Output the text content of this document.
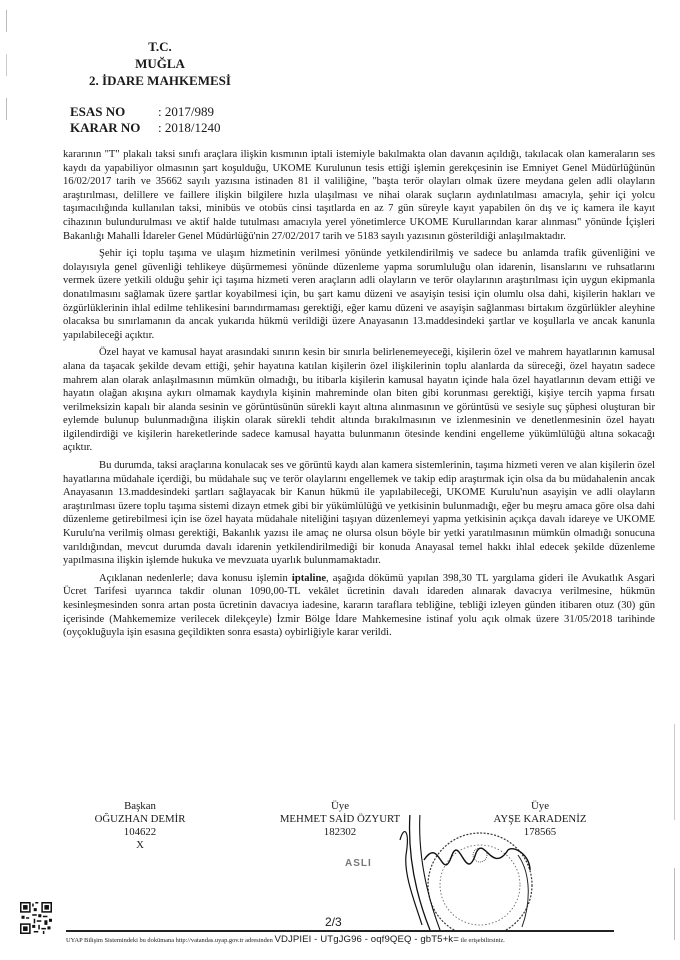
T.C.
MUĞLA
2. İDARE MAHKEMESİ
ESAS NO	: 2017/989
KARAR NO	: 2018/1240

kararının "T" plakalı taksi sınıfı araçlara ilişkin kısmının iptali istemiyle bakılmakta olan davanın açıldığı, takılacak olan kameraların ses kaydı da yapabiliyor olmasının şart koşulduğu, UKOME Kurulunun tesis ettiği işlemin gerekçesinin ise Emniyet Genel Müdürlüğünün 16/02/2017 tarih ve 35662 sayılı yazısına istinaden 81 il valiliğine, "başta terör olayları olmak üzere meydana gelen adli olayların araştırılması, delillere ve faillere ilişkin bilgilere hızla ulaşılması ve nihai olarak suçların aydınlatılması amacıyla, şehir içi yolcu taşımacılığında kullanılan taksi, minibüs ve otobüs cinsi taşıtlarda en az 7 gün süreyle kayıt yapabilen ön dış ve iç kamera ile kayıt cihazının bulundurulması ve aktif halde tutulması amacıyla yerel yönetimlerce UKOME Kurullarından karar alınması" yönünde İçişleri Bakanlığı Mahalli İdareler Genel Müdürlüğü'nin 27/02/2017 tarih ve 5183 sayılı yazısının gösterildiği anlaşılmaktadır.

Şehir içi toplu taşıma ve ulaşım hizmetinin verilmesi yönünde yetkilendirilmiş ve sadece bu anlamda trafik güvenliğini ve dolayısıyla genel güvenliği tehlikeye düşürmemesi yönünde düzenleme yapma sorumluluğu olan idarenin, lisanslarını ve ruhsatlarını vermek üzere yetkili olduğu şehir içi taşıma hizmeti veren araçların adli olayların ve terör olaylarının araştırılması için uygun ekipmanla donatılmasını sağlamak üzere şartlar koyabilmesi için, bu şart kamu düzeni ve asayişin tesisi için olumlu olsa dahi, kişilerin hakları ve özgürlüklerinin ihlal edilme tehlikesini barındırmaması gerektiği, eğer kamu düzeni ve asayişin sağlanması birtakım özgürlükler aleyhine olacaksa bu sınırlamanın da ancak yukarıda hükmü verildiği üzere Anayasanın 13.maddesindeki şartlar ve koşullarla ve ancak kanunla yapılabileceği açıktır.

Özel hayat ve kamusal hayat arasındaki sınırın kesin bir sınırla belirlenemeyeceği, kişilerin özel ve mahrem hayatlarının kamusal alana da taşacak şekilde devam ettiği, şehir hayatına katılan kişilerin özel ilişkilerinin toplu alanlarda da süreceği, özel hayatın sadece mahrem alan olarak anlaşılmasının mümkün olmadığı, bu itibarla kişilerin kamusal hayatın içinde hala özel hayatlarının devam ettiği ve hayatın olağan akışına aykırı olmamak kaydıyla kişinin mahreminde olan biten gibi korunması gerektiği, kişiye tercih yapma fırsatı verilmeksizin kapalı bir alanda sesinin ve görüntüsünün sürekli kayıt altına alınmasının ve görüntüsü ve sesiyle suç şüphesi oluşturan bir eylemde bulunup bulunmadığına ilişkin olarak sürekli tehdit altında bırakılmasının ve izlenmesinin ve denetlenmesinin özel hayatı ilgilendirdiği ve kişilerin hareketlerinde sadece kamusal hayatta bulunmanın ötesinde kendini engelleme yükümlülüğü altına sokacağı açıktır.

Bu durumda, taksi araçlarına konulacak ses ve görüntü kaydı alan kamera sistemlerinin, taşıma hizmeti veren ve alan kişilerin özel hayatlarına müdahale içerdiği, bu müdahale suç ve terör olaylarını engellemek ve takip edip araştırmak için olsa da bu müdahalenin ancak Anayasanın 13.maddesindeki şartları sağlayacak bir Kanun hükmü ile yapılabileceği, UKOME Kurulu'nun asayişin ve adli olayların araştırılması üzere toplu taşıma sistemi dizayn etmek gibi bir yükümlülüğü ve yetkisinin bulunmadığı, eğer bu meşru amaca göre olsa dahi düzenleme getirebilmesi için ise özel hayata müdahale niteliğini taşıyan düzenlemeyi yapma yetkisinin açıkça davalı idareye ve UKOME Kurulu'na verilmiş olması gerektiği, Bakanlık yazısı ile amaç ne olursa olsun böyle bir yetki yaratılmasının mümkün olmadığı sonucuna varıldığından, mevcut durumda davalı idarenin yetkilendirilmediği bir konuda Anayasal temel hakkı ihlal edecek şekilde düzenleme yapılmasına ilişkin işlemde hukuka ve mevzuata uyarlık bulunmamaktadır.

Açıklanan nedenlerle; dava konusu işlemin iptaline, aşağıda dökümü yapılan 398,30 TL yargılama gideri ile Avukatlık Asgari Ücret Tarifesi uyarınca takdir olunan 1090,00-TL vekâlet ücretinin davalı idareden alınarak davacıya verilmesine, hükmün kesinleşmesinden sonra artan posta ücretinin davacıya iadesine, kararın taraflara tebliğine, tebliği izleyen günden itibaren otuz (30) gün içerisinde (Mahkememize verilecek dilekçeyle) İzmir Bölge İdare Mahkemesine istinaf yolu açık olmak üzere 31/05/2018 tarihinde (oyçokluğuyla işin esasına geçildikten sonra esasta) oybirliğiyle karar verildi.

Başkan
OĞUZHAN DEMİR
104622
X
Üye
MEHMET SAİD ÖZYURT
182302
Üye
AYŞE KARADENİZ
178565
ASLI
2/3
UYAP Bilişim Sistemindeki bu dokümana http://vatandas.uyap.gov.tr adresinden VDJPIEI - UTgJG96 - oqf9QEQ - gbT5+k= ile erişebilirsiniz.
